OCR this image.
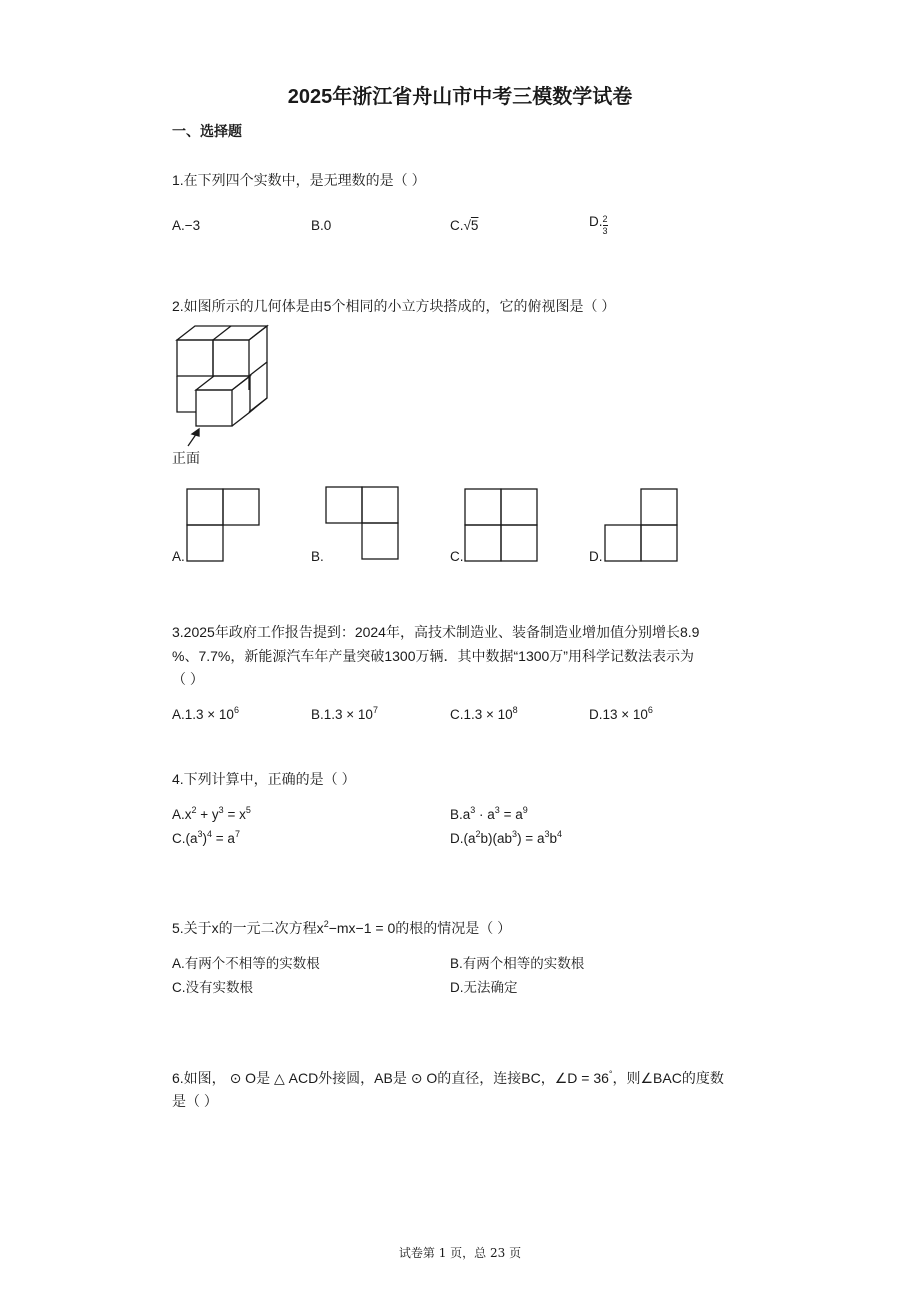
2025年浙江省舟山市中考三模数学试卷
一、选择题
1.在下列四个实数中，是无理数的是（ ）
A.−3	B.0	C.√5	D. $\frac{2}{3}$
2.如图所示的几何体是由5个相同的小立方块搭成的，它的俯视图是（ ）
正面
A.	B.	C.	D.
3.2025年政府工作报告提到：2024年，高技术制造业、装备制造业增加值分别增长8.9
%、7.7%，新能源汽车年产量突破1300万辆．其中数据“1300万”用科学记数法表示为
（ ）
$A.1.3 \times 10^6$	$B.1.3 \times 10^7$	$C.1.3 \times 10^8$	$D.13 \times 10^6$
4.下列计算中，正确的是（ ）
$A.x^2 + y^3 = x^5$	$B.a^3 \cdot a^3 = a^9$
$C.(a^3)^4 = a^7$	$D.(a^2b)(ab^3) = a^3b^4$
5.关于x的一元二次方程$x^2-mx-1 = 0$的根的情况是（ ）
A.有两个不相等的实数根	B.有两个相等的实数根
C.没有实数根	D.无法确定
6.如图， ⊙ O是 △ ACD外接圆，AB是 ⊙ O的直径，连接BC，∠D = 36°，则∠BAC的度数
是（ ）
试卷第 1 页，总 23 页
